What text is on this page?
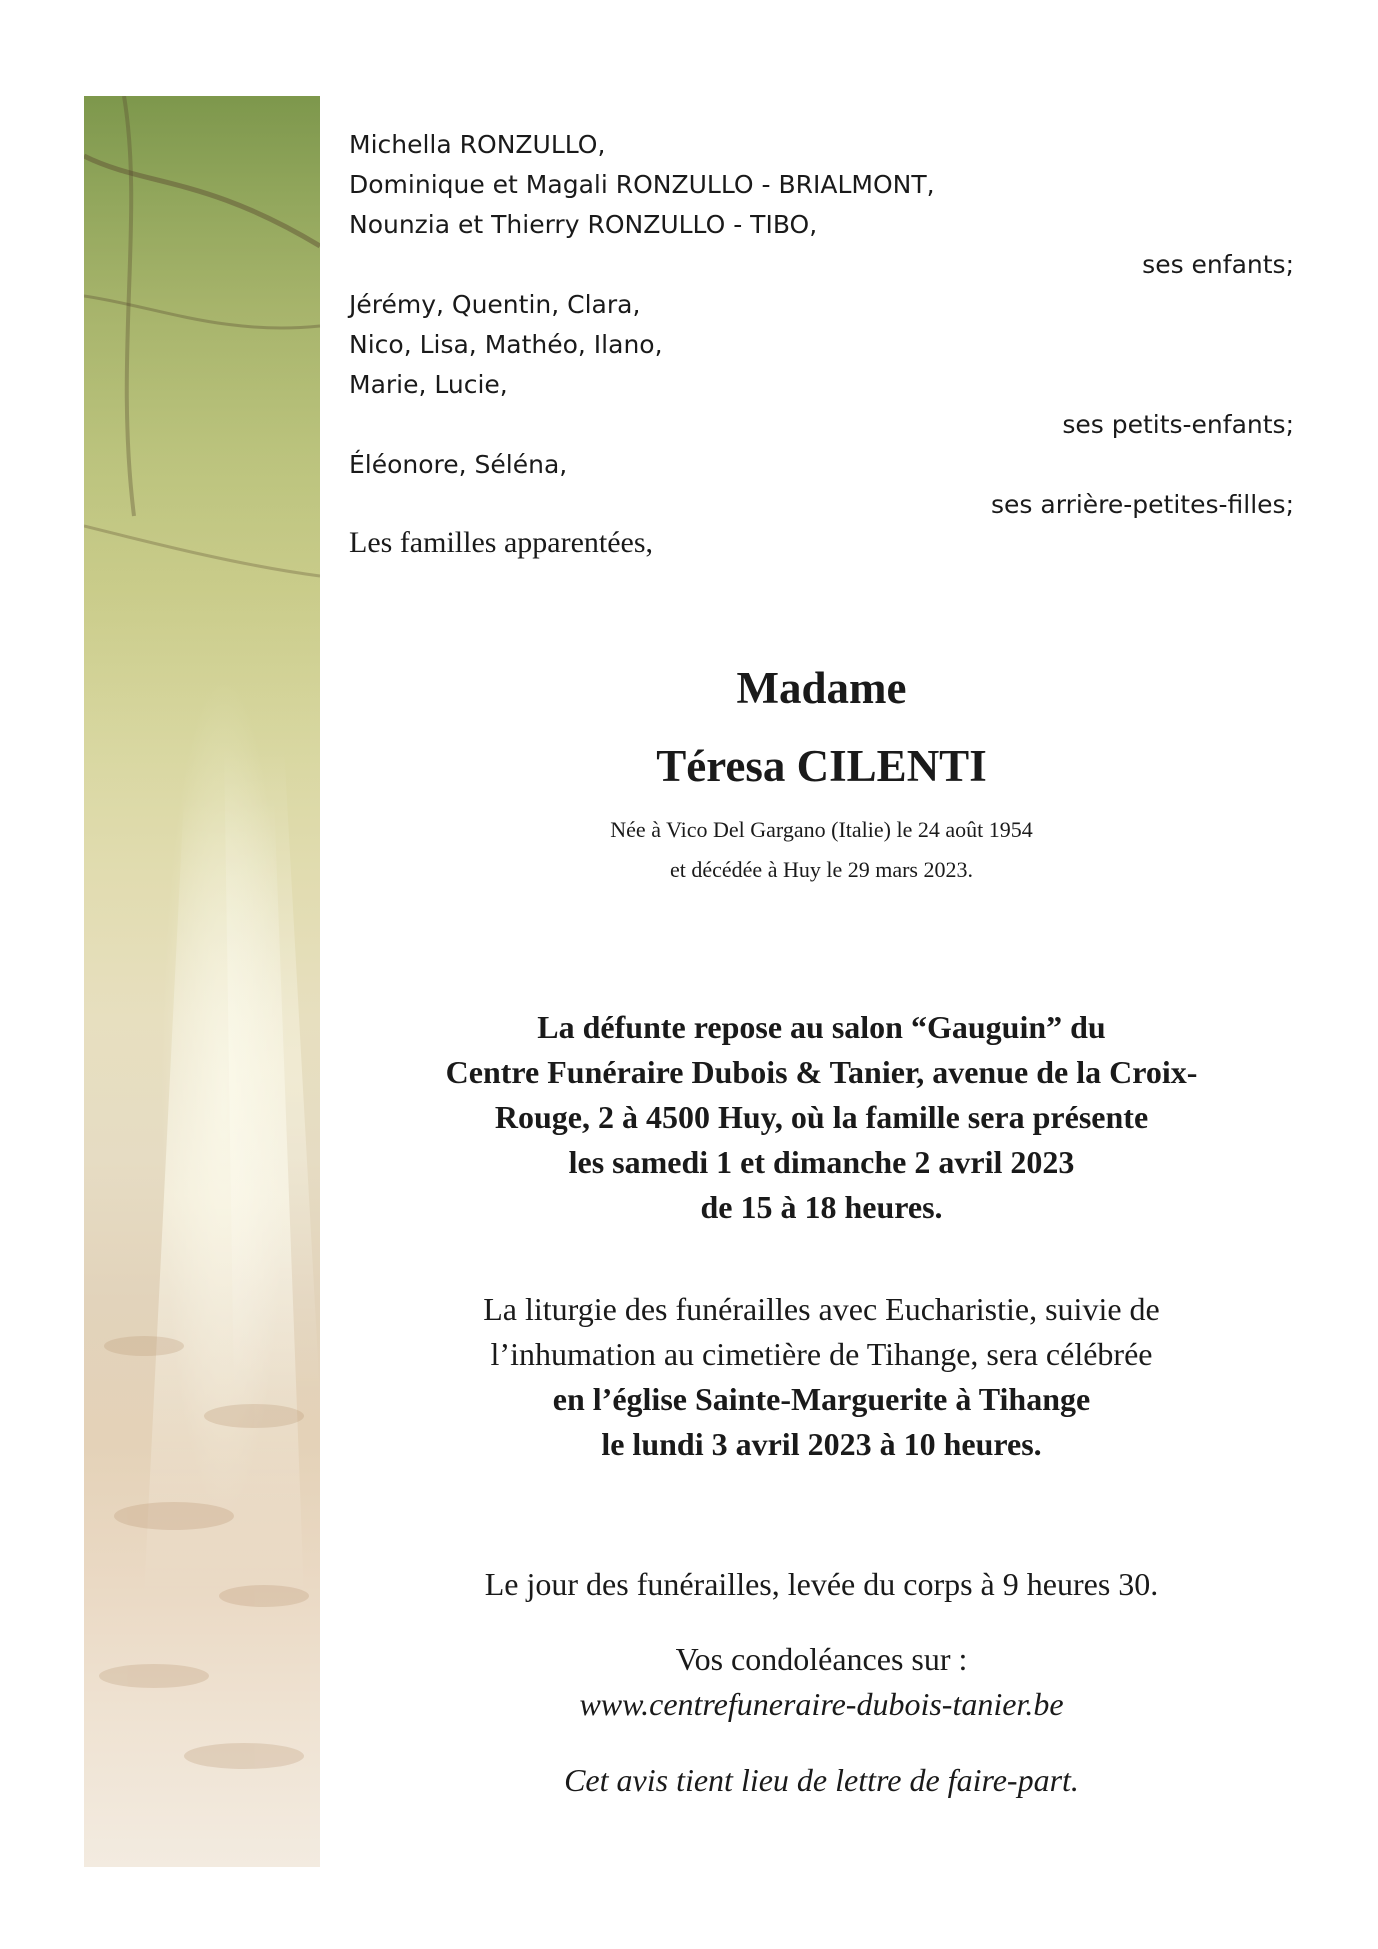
Michella RONZULLO,
Dominique et Magali RONZULLO - BRIALMONT,
Nounzia et Thierry RONZULLO - TIBO,
ses enfants;
Jérémy, Quentin, Clara,
Nico, Lisa, Mathéo, Ilano,
Marie, Lucie,
ses petits-enfants;
Éléonore, Séléna,
ses arrière-petites-filles;
Les familles apparentées,
Madame
Téresa CILENTI
Née à Vico Del Gargano (Italie) le 24 août 1954
et décédée à Huy le 29 mars 2023.
La défunte repose au salon “Gauguin” du
Centre Funéraire Dubois & Tanier, avenue de la Croix-
Rouge, 2 à 4500 Huy, où la famille sera présente
les samedi 1 et dimanche 2 avril 2023
de 15 à 18 heures.
La liturgie des funérailles avec Eucharistie, suivie de
l’inhumation au cimetière de Tihange, sera célébrée
en l’église Sainte-Marguerite à Tihange
le lundi 3 avril 2023 à 10 heures.
Le jour des funérailles, levée du corps à 9 heures 30.
Vos condoléances sur :
www.centrefuneraire-dubois-tanier.be
Cet avis tient lieu de lettre de faire-part.
